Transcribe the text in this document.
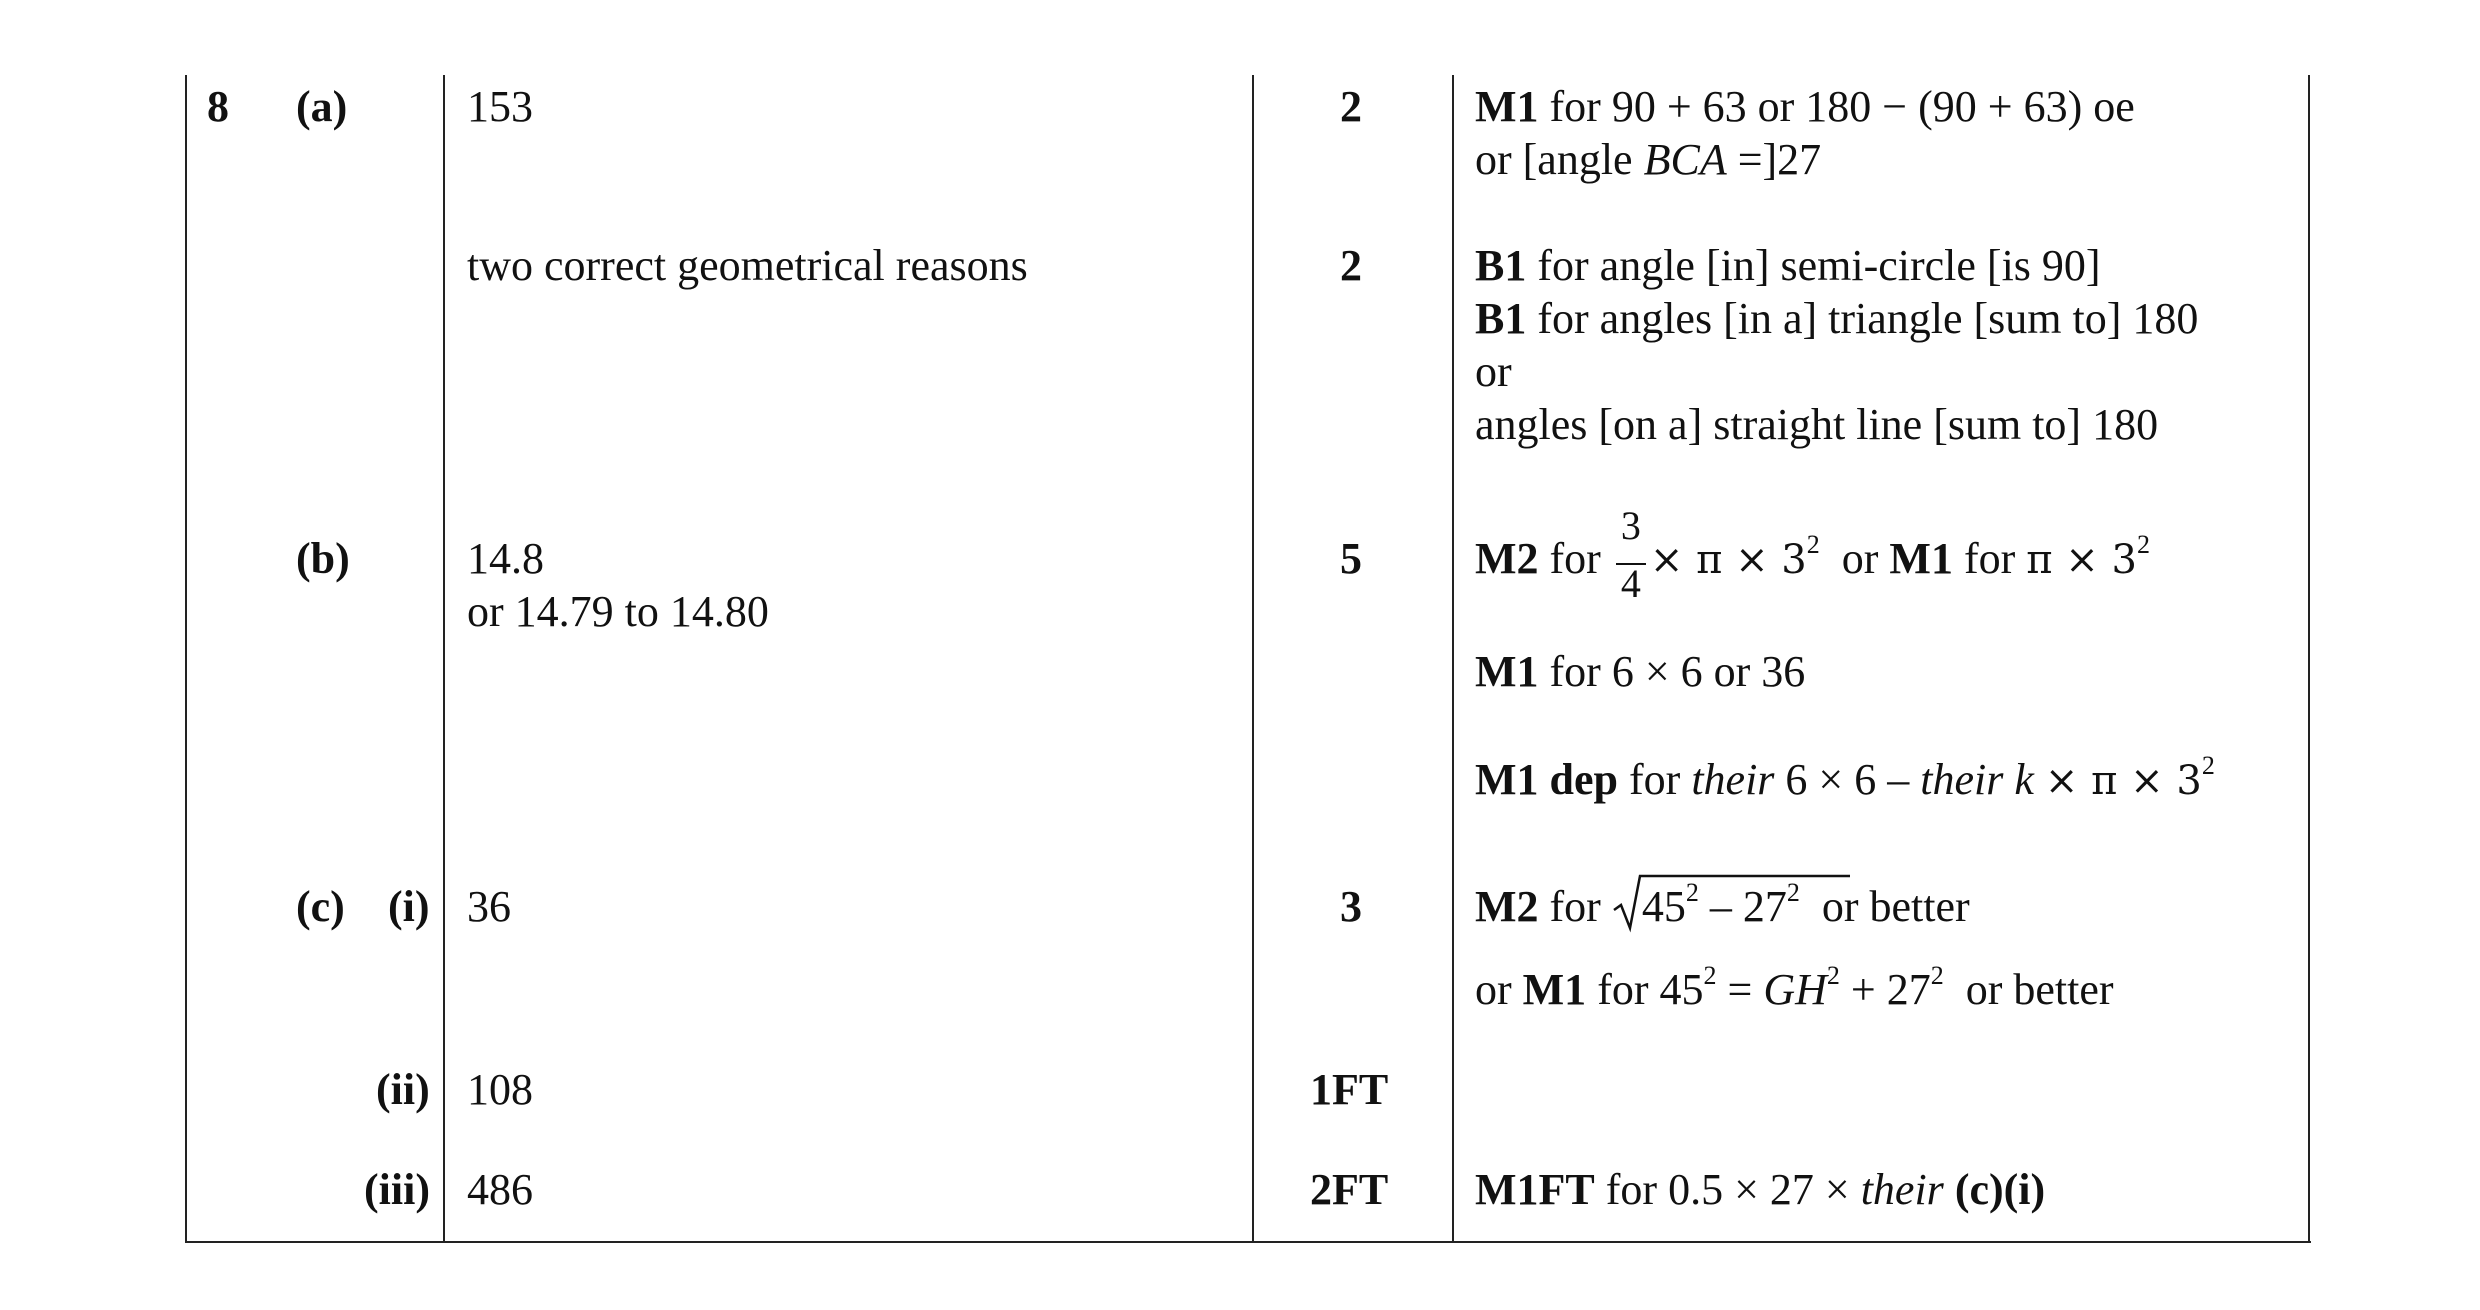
8 (a)
(b)
(c) (i)
(ii)
(iii)
153
two correct geometrical reasons
14.8
or 14.79 to 14.80
36
108
486
2
2
5
3
1FT
2FT
M1 for 90 + 63 or 180 − (90 + 63) oe
or [angle BCA =]27
B1 for angle [in] semi-circle [is 90]
B1 for angles [in a] triangle [sum to] 180
or
angles [on a] straight line [sum to] 180
M2 for $\frac{3}{4} \times \pi \times 3^2$ or M1 for $\pi \times 3^2$
M1 for 6 × 6 or 36
M1 dep for their 6 × 6 – their $k \times \pi \times 3^2$
M2 for $45^2 - 27^2$ or better
or M1 for $45^2 = GH^2 + 27^2$ or better
M1FT for 0.5 × 27 × their (c)(i)
